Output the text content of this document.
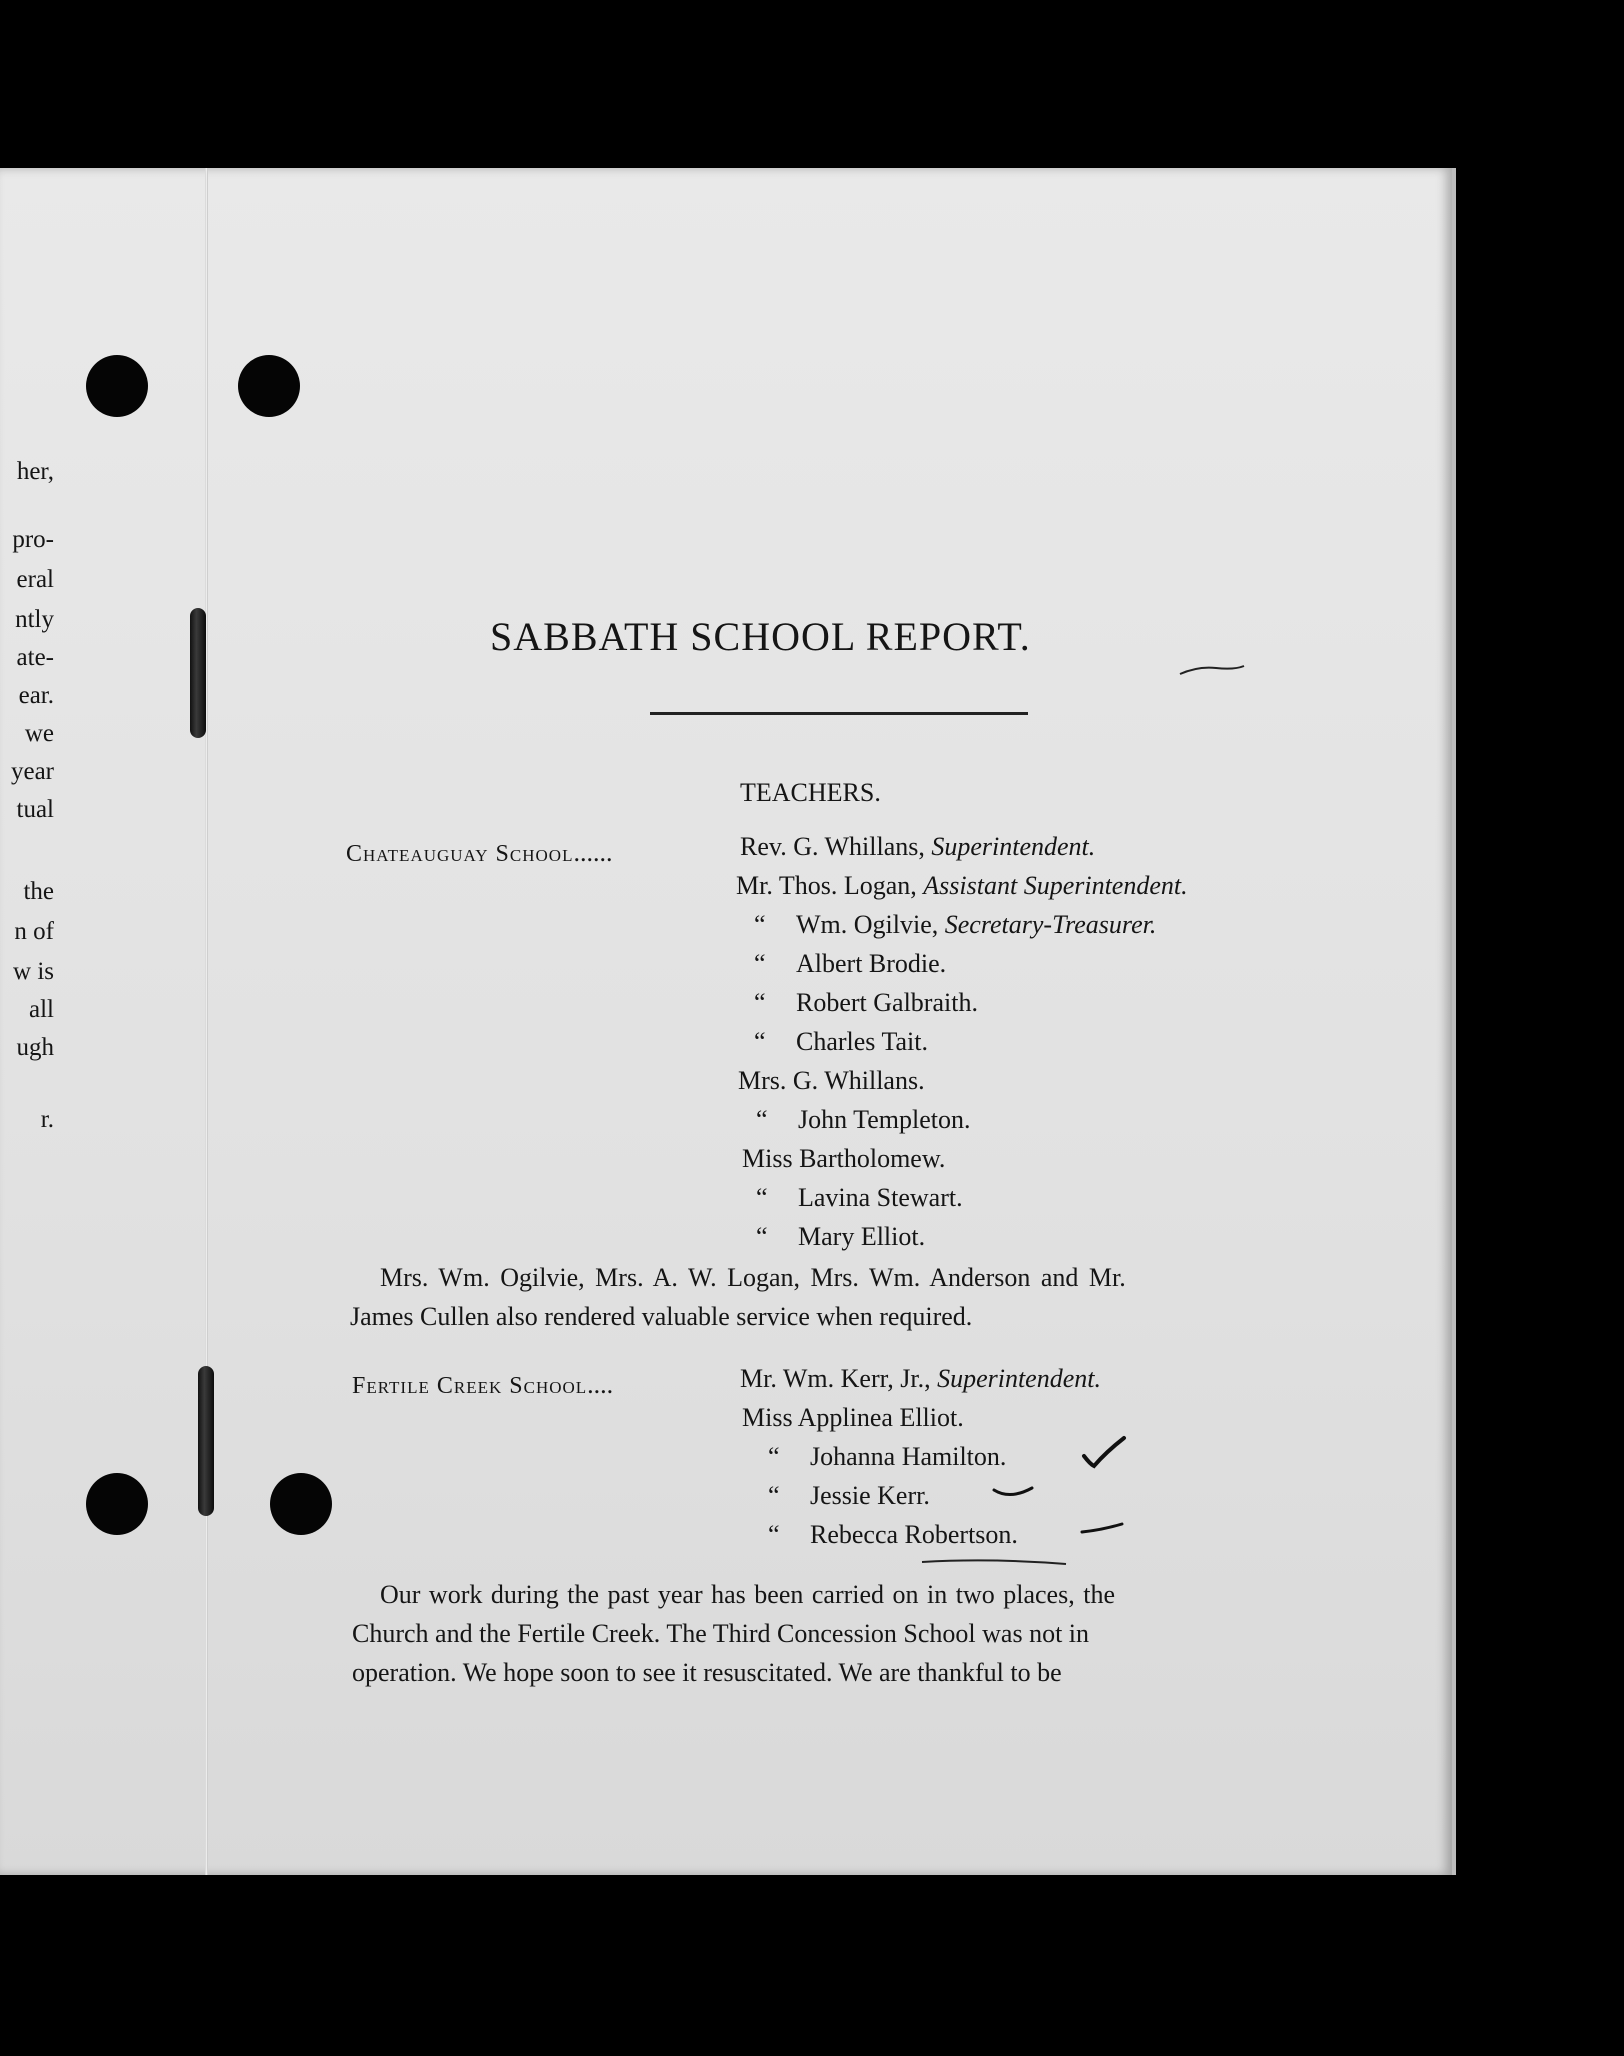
her,
pro-
eral
ntly
ate-
ear.
we
year
tual
the
n of
w is
all
ugh
r.
SABBATH SCHOOL REPORT.
TEACHERS.
Chateauguay School......	Rev. G. Whillans, Superintendent.
Mr. Thos. Logan, Assistant Superintendent.
“ Wm. Ogilvie, Secretary-Treasurer.
“ Albert Brodie.
“ Robert Galbraith.
“ Charles Tait.
Mrs. G. Whillans.
“ John Templeton.
Miss Bartholomew.
“ Lavina Stewart.
“ Mary Elliot.
Mrs. Wm. Ogilvie, Mrs. A. W. Logan, Mrs. Wm. Anderson and Mr.
James Cullen also rendered valuable service when required.
Fertile Creek School....	Mr. Wm. Kerr, Jr., Superintendent.
Miss Applinea Elliot.
“ Johanna Hamilton.
“ Jessie Kerr.
“ Rebecca Robertson.
Our work during the past year has been carried on in two places, the
Church and the Fertile Creek. The Third Concession School was not in
operation. We hope soon to see it resuscitated. We are thankful to be
